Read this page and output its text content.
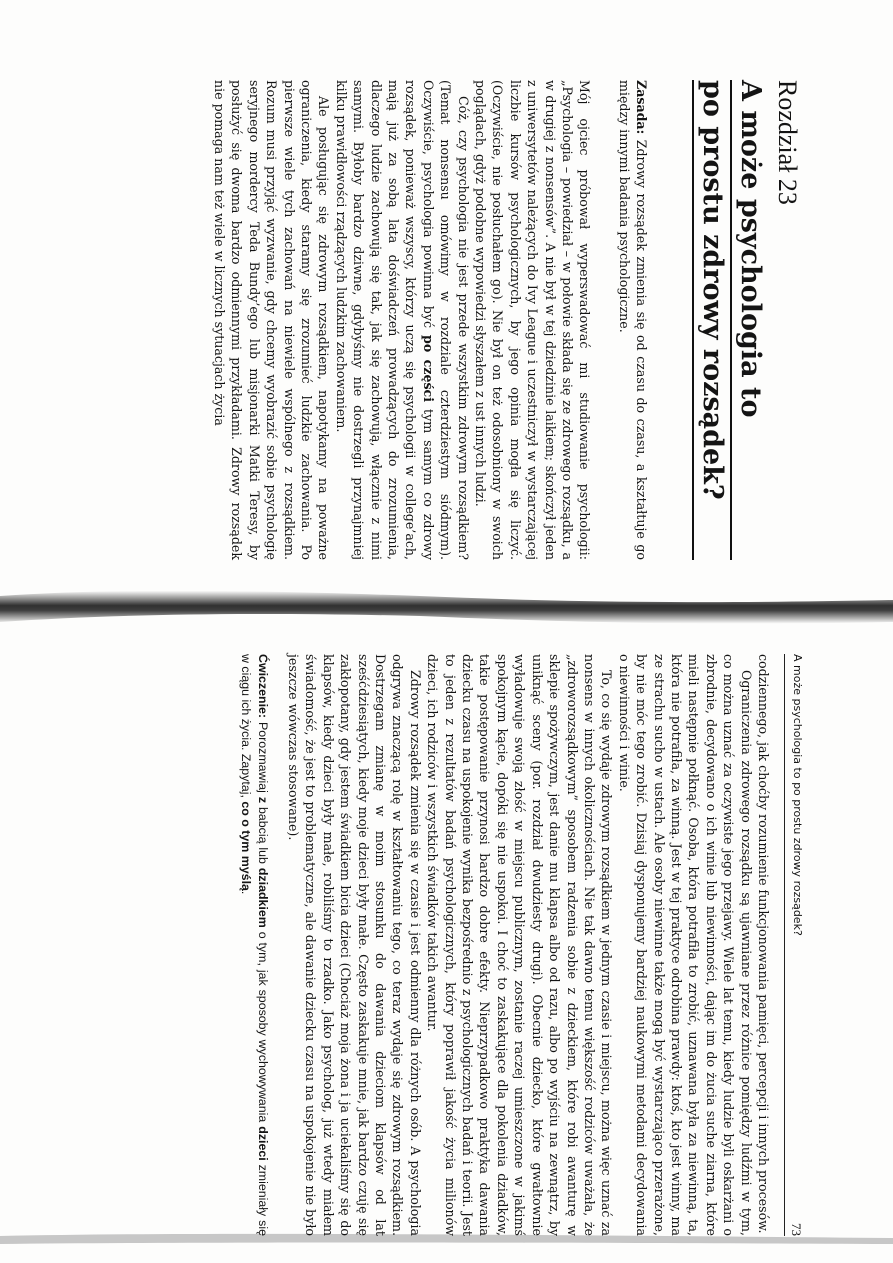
Rozdział 23
A może psychologia to
po prostu zdrowy rozsądek?

Zasada: Zdrowy rozsądek zmienia się od czasu do czasu, a kształtuje go między innymi badania psychologiczne.

Mój ojciec próbował wyperswadować mi studiowanie psychologii: „Psychologia – powiedział – w połowie składa się ze zdrowego rozsądku, a w drugiej z nonsensów”. A nie był w tej dziedzinie laikiem; skończył jeden z uniwersytetów należących do Ivy League i uczestniczył w wystarczającej liczbie kursów psychologicznych, by jego opinia mogła się liczyć. (Oczywiście, nie posłuchałem go). Nie był on też odosobniony w swoich poglądach, gdyż podobne wypowiedzi słyszałem z ust innych ludzi.

Cóż, czy psychologia nie jest przede wszystkim zdrowym rozsądkiem? (Temat nonsensu omówimy w rozdziale czterdziestym siódmym). Oczywiście, psychologia powinna być po części tym samym co zdrowy rozsądek, ponieważ wszyscy, którzy uczą się psychologii w college’ach, mają już za sobą lata doświadczeń prowadzących do zrozumienia, dlaczego ludzie zachowują się tak, jak się zachowują, włącznie z nimi samymi. Byłoby bardzo dziwne, gdybyśmy nie dostrzegli przynajmniej kilku prawidłowości rządzących ludzkim zachowaniem.

Ale posługując się zdrowym rozsądkiem, napotykamy na poważne ograniczenia, kiedy staramy się zrozumieć ludzkie zachowania. Po pierwsze wiele tych zachowań na niewiele wspólnego z rozsądkiem. Rozum musi przyjąć wyzwanie, gdy chcemy wyobrazić sobie psychologię seryjnego mordercy Teda Bundy’ego lub misjonarki Matki Teresy, by posłużyć się dwoma bardzo odmiennymi przykładami. Zdrowy rozsądek nie pomaga nam też wiele w licznych sytuacjach życia

A może psychologia to po prostu zdrowy rozsądek?
73

codziennego, jak choćby rozumienie funkcjonowania pamięci, percepcji i innych procesów.

Ograniczenia zdrowego rozsądku są ujawniane przez różnice pomiędzy ludźmi w tym, co można uznać za oczywiste jego przejawy. Wiele lat temu, kiedy ludzie byli oskarżani o zbrodnie, decydowano o ich winie lub niewinności, dając im do żucia suche ziarna, które mieli następnie połknąć. Osoba, która potrafiła to zrobić, uznawana była za niewinną, ta, która nie potrafiła, za winną. Jest w tej praktyce odrobina prawdy: ktoś, kto jest winny, ma ze strachu sucho w ustach. Ale osoby niewinne także mogą być wystarczająco przerażone, by nie móc tego zrobić. Dzisiaj dysponujemy bardziej naukowymi metodami decydowania o niewinności i winie.

To, co się wydaje zdrowym rozsądkiem w jednym czasie i miejscu, można więc uznać za nonsens w innych okolicznościach. Nie tak dawno temu większość rodziców uważała, że „zdroworozsądkowym” sposobem radzenia sobie z dzieckiem, które robi awanturę w sklepie spożywczym, jest danie mu klapsa albo od razu, albo po wyjściu na zewnątrz, by uniknąć sceny (por. rozdział dwudziesty drugi). Obecnie dziecko, które gwałtownie wyładowuje swoją złość w miejscu publicznym, zostanie raczej umieszczone w jakimś spokojnym kącie, dopóki się nie uspokoi. I choć to zaskakujące dla pokolenia dziadków, takie postępowanie przynosi bardzo dobre efekty. Nieprzypadkowo praktyka dawania dziecku czasu na uspokojenie wynika bezpośrednio z psychologicznych badań i teorii. Jest to jeden z rezultatów badań psychologicznych, który poprawił jakość życia milionów dzieci, ich rodziców i wszystkich świadków takich awantur.

Zdrowy rozsądek zmienia się w czasie i jest odmienny dla różnych osób. A psychologia odgrywa znaczącą rolę w kształtowaniu tego, co teraz wydaje się zdrowym rozsądkiem. Dostrzegam zmianę w moim stosunku do dawania dzieciom klapsów od lat sześćdziesiątych, kiedy moje dzieci były małe. Często zaskakuje mnie, jak bardzo czuję się zakłopotany, gdy jestem świadkiem bicia dzieci (Chociaż moja żona i ja uciekaliśmy się do klapsów, kiedy dzieci były małe, robiliśmy to rzadko. Jako psycholog, już wtedy miałem świadomość, że jest to problematyczne, ale dawanie dziecku czasu na uspokojenie nie było jeszcze wówczas stosowane).

Ćwiczenie: Porozmawiaj z babcią lub dziadkiem o tym, jak sposoby wychowywania dzieci zmieniały się w ciągu ich życia. Zapytaj, co o tym myślą.
